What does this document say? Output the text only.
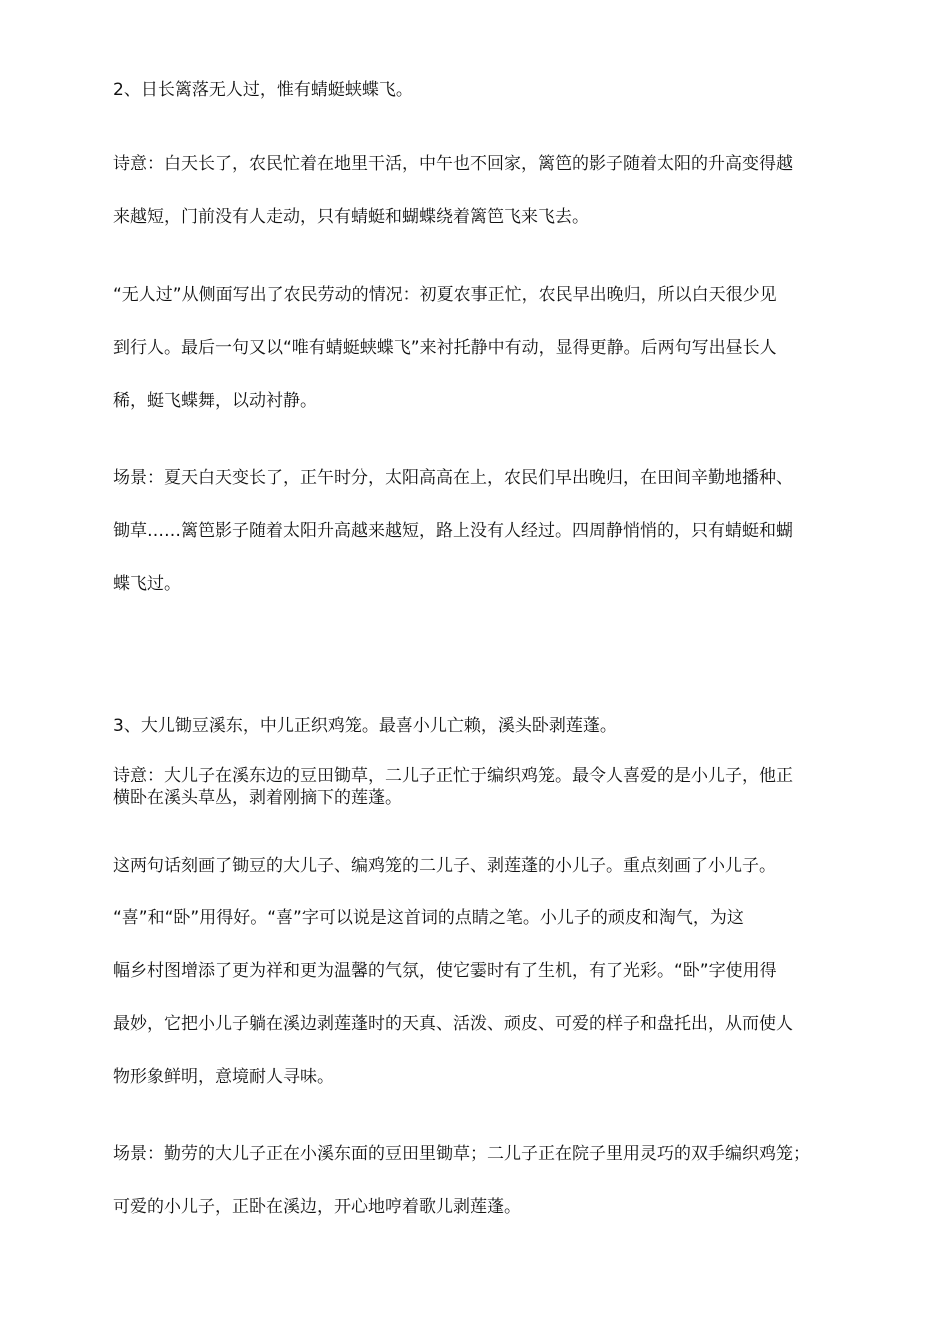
2、日长篱落无人过，惟有蜻蜓蛱蝶飞。

诗意：白天长了，农民忙着在地里干活，中午也不回家，篱笆的影子随着太阳的升高变得越

来越短，门前没有人走动，只有蜻蜓和蝴蝶绕着篱笆飞来飞去。

“无人过”从侧面写出了农民劳动的情况：初夏农事正忙，农民早出晚归，所以白天很少见

到行人。最后一句又以“唯有蜻蜓蛱蝶飞”来衬托静中有动，显得更静。后两句写出昼长人

稀，蜓飞蝶舞，以动衬静。

场景：夏天白天变长了，正午时分，太阳高高在上，农民们早出晚归，在田间辛勤地播种、

锄草……篱笆影子随着太阳升高越来越短，路上没有人经过。四周静悄悄的，只有蜻蜓和蝴

蝶飞过。

3、大儿锄豆溪东，中儿正织鸡笼。最喜小儿亡赖，溪头卧剥莲蓬。

诗意：大儿子在溪东边的豆田锄草，二儿子正忙于编织鸡笼。最令人喜爱的是小儿子，他正

横卧在溪头草丛，剥着刚摘下的莲蓬。

这两句话刻画了锄豆的大儿子、编鸡笼的二儿子、剥莲蓬的小儿子。重点刻画了小儿子。

“喜”和“卧”用得好。“喜”字可以说是这首词的点睛之笔。小儿子的顽皮和淘气，为这

幅乡村图增添了更为祥和更为温馨的气氛，使它霎时有了生机，有了光彩。“卧”字使用得

最妙，它把小儿子躺在溪边剥莲蓬时的天真、活泼、顽皮、可爱的样子和盘托出，从而使人

物形象鲜明，意境耐人寻味。

场景：勤劳的大儿子正在小溪东面的豆田里锄草；二儿子正在院子里用灵巧的双手编织鸡笼；

可爱的小儿子，正卧在溪边，开心地哼着歌儿剥莲蓬。
